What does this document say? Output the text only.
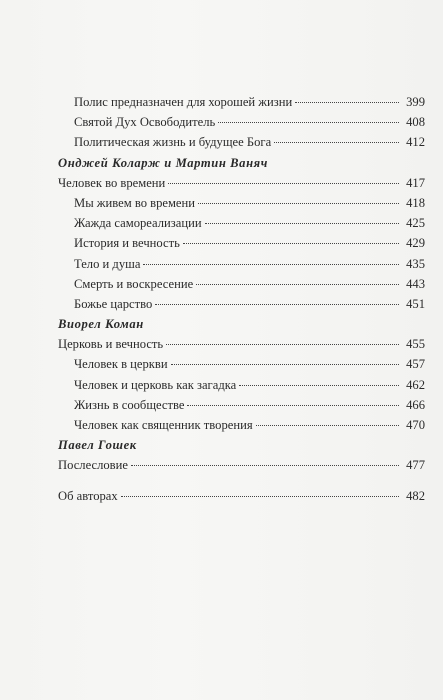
Полис предназначен для хорошей жизни	399
Святой Дух Освободитель	408
Политическая жизнь и будущее Бога	412
Онджей Коларж и Мартин Ваняч
Человек во времени	417
Мы живем во времени	418
Жажда самореализации	425
История и вечность	429
Тело и душа	435
Смерть и воскресение	443
Божье царство	451
Виорел Коман
Церковь и вечность	455
Человек в церкви	457
Человек и церковь как загадка	462
Жизнь в сообществе	466
Человек как священник творения	470
Павел Гошек
Послесловие	477
Об авторах	482
